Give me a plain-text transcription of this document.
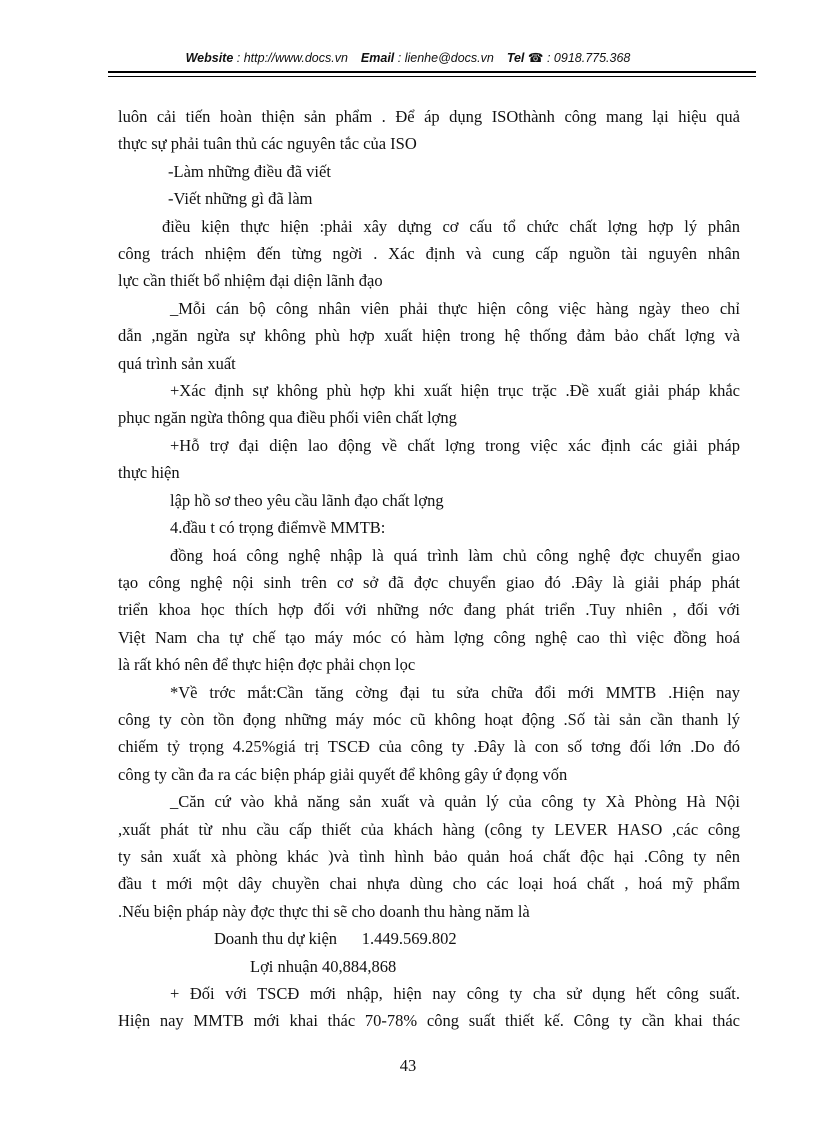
Website : http://www.docs.vn Email : lienhe@docs.vn Tel ☎ : 0918.775.368

luôn cải tiến hoàn thiện sản phẩm . Để áp dụng ISOthành công mang lại hiệu quả

thực sự phải tuân thủ các nguyên tắc của ISO

-Làm những điều đã viết

-Viết những gì đã làm

điều kiện thực hiện :phải xây dựng cơ cấu tổ chức chất lợng hợp lý phân

công trách nhiệm đến từng ngời . Xác định và cung cấp nguồn tài nguyên nhân

lực cần thiết bổ nhiệm đại diện lãnh đạo

_Mỗi cán bộ công nhân viên phải thực hiện công việc hàng ngày theo chỉ

dẫn ,ngăn ngừa sự không phù hợp xuất hiện trong hệ thống đảm bảo chất lợng và

quá trình sản xuất

+Xác định sự không phù hợp khi xuất hiện trục trặc .Đề xuất giải pháp khắc

phục ngăn ngừa thông qua điều phối viên chất lợng

+Hỗ trợ đại diện lao động về chất lợng trong việc xác định các giải pháp

thực hiện

lập hồ sơ theo yêu cầu lãnh đạo chất lợng

4.đầu t có trọng điểmvề MMTB:

đồng hoá công nghệ nhập là quá trình làm chủ công nghệ đợc chuyển giao

tạo công nghệ nội sinh trên cơ sở đã đợc chuyển giao đó .Đây là giải pháp phát

triển khoa học thích hợp đối với những nớc đang phát triển .Tuy nhiên , đối với

Việt Nam cha tự chế tạo máy móc có hàm lợng công nghệ cao thì việc đồng hoá

là rất khó nên để thực hiện đợc phải chọn lọc

*Về trớc mắt:Cần tăng cờng đại tu sửa chữa đổi mới MMTB .Hiện nay

công ty còn tồn đọng những máy móc cũ không hoạt động .Số tài sản cần thanh lý

chiếm tỷ trọng 4.25%giá trị TSCĐ của công ty .Đây là con số tơng đối lớn .Do đó

công ty cần đa ra các biện pháp giải quyết để không gây ứ đọng vốn

_Căn cứ vào khả năng sản xuất và quản lý của công ty Xà Phòng Hà Nội

,xuất phát từ nhu cầu cấp thiết của khách hàng (công ty LEVER HASO ,các công

ty sản xuất xà phòng khác )và tình hình bảo quản hoá chất độc hại .Công ty nên

đầu t mới một dây chuyền chai nhựa dùng cho các loại hoá chất , hoá mỹ phẩm

.Nếu biện pháp này đợc thực thi sẽ cho doanh thu hàng năm là

Doanh thu dự kiện      1.449.569.802

Lợi nhuận 40,884,868

+ Đối với TSCĐ mới nhập, hiện nay công ty cha sử dụng hết công suất.

Hiện nay MMTB mới khai thác 70-78% công suất thiết kế. Công ty cần khai thác

43
